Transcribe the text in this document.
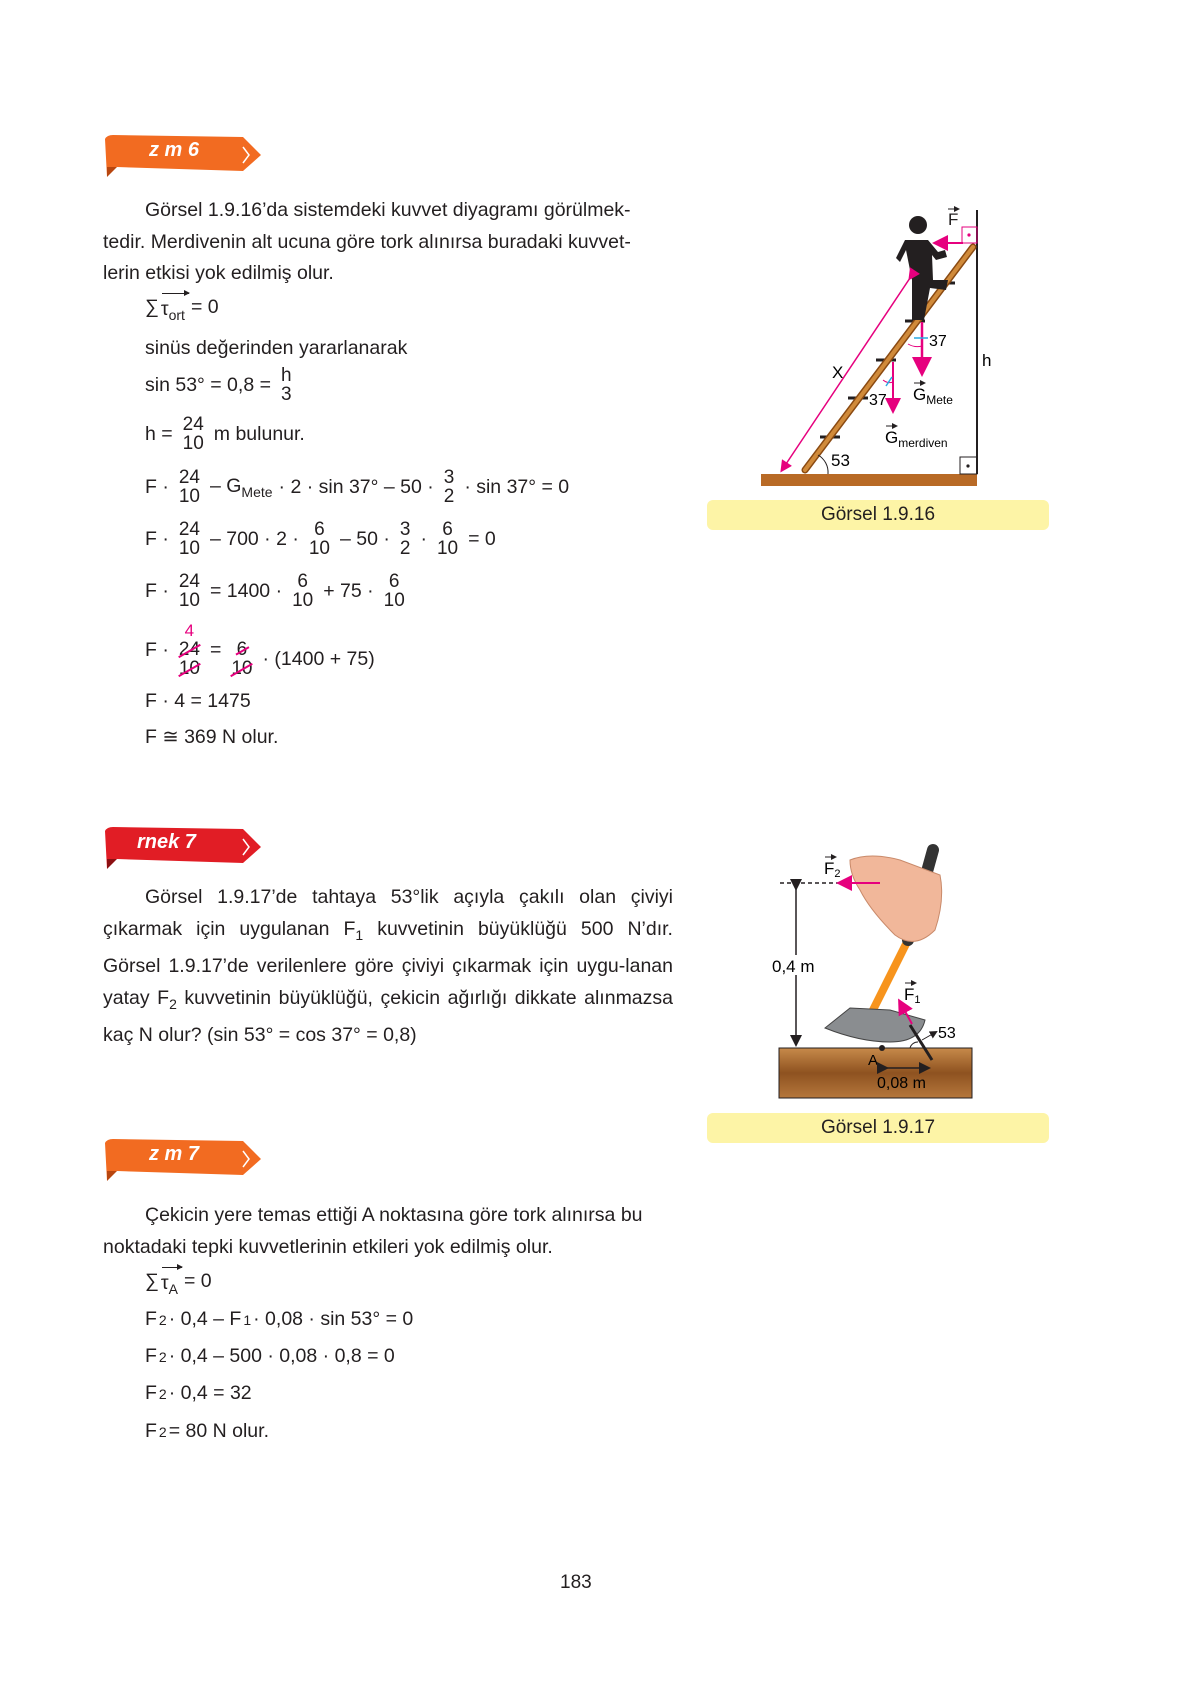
z m 6
Görsel 1.9.16’da sistemdeki kuvvet diyagramı görülmek-
tedir. Merdivenin alt ucuna göre tork alınırsa buradaki kuvvet-
lerin etkisi yok edilmiş olur.
∑ $\tau_{ort} = 0$
sinüs değerinden yararlanarak
sin 53° = 0,8 = h
3
h = 24
10 m bulunur.
F · 24
$10 - G_{Mete} \cdot 2 \cdot \sin 37^\circ - 50 \cdot 3$
2 · sin 37° = 0
F · 24
10 – 700 · 2 · 6
10 – 50 · 3
2 · 6
10 = 0
F · 24
10 = 1400 · 6
10 + 75 · 6
10
F ·
4
24
10
= 6
10 · (1400 + 75)
F · 4 = 1475
F ≅ 369 N olur.
F
X
h
53
37
37 $G_{Mete}$
$G_{merdiven}$
Görsel 1.9.16
rnek 7
Görsel 1.9.17’de tahtaya 53°lik açıyla çakılı olan çiviyi çıkarmak için uygulanan $F_1$ kuvvetinin büyüklüğü 500 N’dır. Görsel 1.9.17’de verilenlere göre çiviyi çıkarmak için uygu-lanan yatay $F_2$ kuvvetinin büyüklüğü, çekicin ağırlığı dikkate alınmazsa kaç N olur? (sin 53° = cos 37° = 0,8)
0,4 m
F2
F1
53
A
0,08 m
Görsel 1.9.17
z m 7
Çekicin yere temas ettiği A noktasına göre tork alınırsa bu
noktadaki tepki kuvvetlerinin etkileri yok edilmiş olur.
∑ $\tau_A = 0$
F 2 · 0,4 – F 1 · 0,08 · sin 53° = 0
F 2 · 0,4 – 500 · 0,08 · 0,8 = 0
F 2 · 0,4 = 32
F 2 = 80 N olur.
183
